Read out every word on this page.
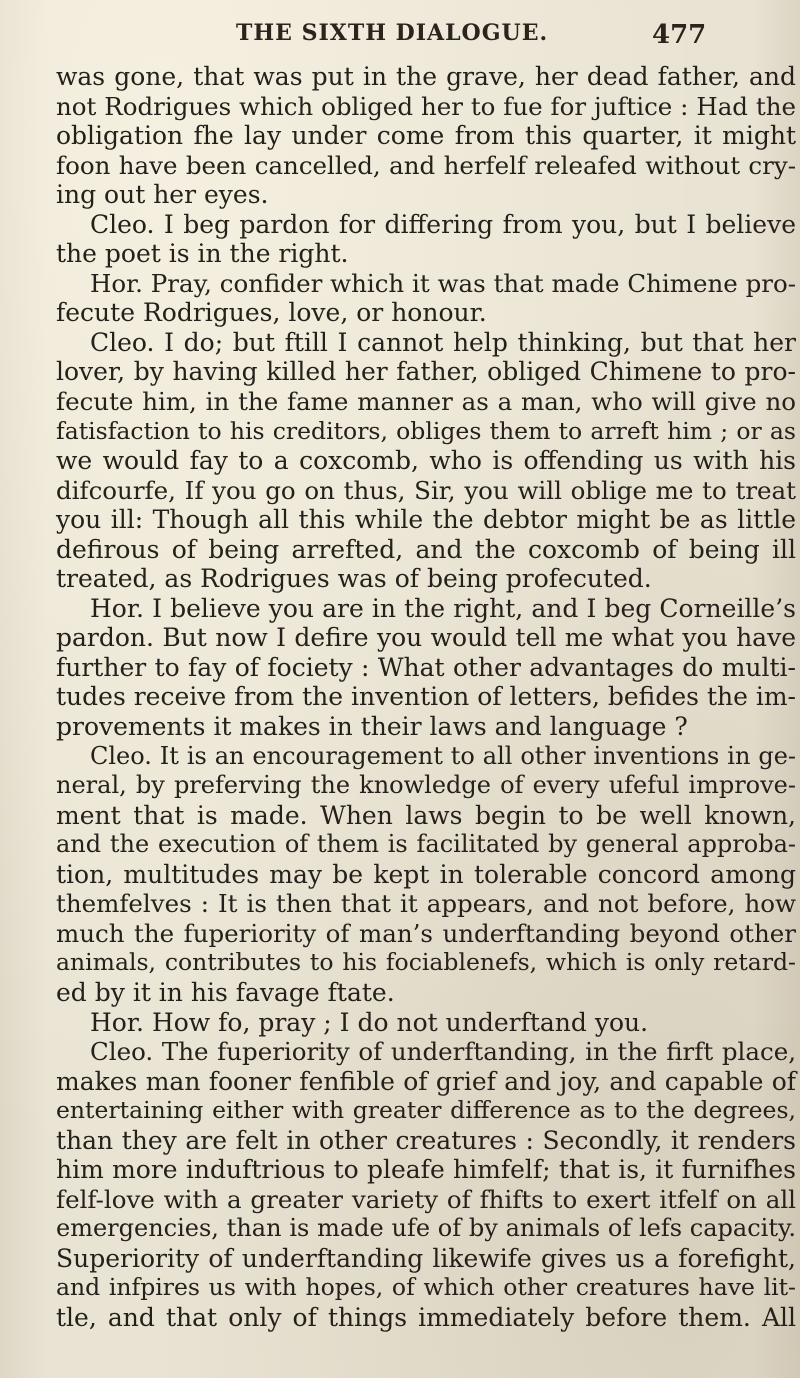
THE SIXTH DIALOGUE.	477
was gone, that was put in the grave, her dead father, and
not Rodrigues which obliged her to fue for juftice : Had the
obligation fhe lay under come from this quarter, it might
foon have been cancelled, and herfelf releafed without cry-
ing out her eyes.
Cleo. I beg pardon for differing from you, but I believe
the poet is in the right.
Hor. Pray, confider which it was that made Chimene pro-
fecute Rodrigues, love, or honour.
Cleo. I do; but ftill I cannot help thinking, but that her
lover, by having killed her father, obliged Chimene to pro-
fecute him, in the fame manner as a man, who will give no
fatisfaction to his creditors, obliges them to arreft him ; or as
we would fay to a coxcomb, who is offending us with his
difcourfe, If you go on thus, Sir, you will oblige me to treat
you ill: Though all this while the debtor might be as little
defirous of being arrefted, and the coxcomb of being ill
treated, as Rodrigues was of being profecuted.
Hor. I believe you are in the right, and I beg Corneille’s
pardon. But now I defire you would tell me what you have
further to fay of fociety : What other advantages do multi-
tudes receive from the invention of letters, befides the im-
provements it makes in their laws and language ?
Cleo. It is an encouragement to all other inventions in ge-
neral, by preferving the knowledge of every ufeful improve-
ment that is made. When laws begin to be well known,
and the execution of them is facilitated by general approba-
tion, multitudes may be kept in tolerable concord among
themfelves : It is then that it appears, and not before, how
much the fuperiority of man’s underftanding beyond other
animals, contributes to his fociablenefs, which is only retard-
ed by it in his favage ftate.
Hor. How fo, pray ; I do not underftand you.
Cleo. The fuperiority of underftanding, in the firft place,
makes man fooner fenfible of grief and joy, and capable of
entertaining either with greater difference as to the degrees,
than they are felt in other creatures : Secondly, it renders
him more induftrious to pleafe himfelf; that is, it furnifhes
felf-love with a greater variety of fhifts to exert itfelf on all
emergencies, than is made ufe of by animals of lefs capacity.
Superiority of underftanding likewife gives us a forefight,
and infpires us with hopes, of which other creatures have lit-
tle, and that only of things immediately before them. All
